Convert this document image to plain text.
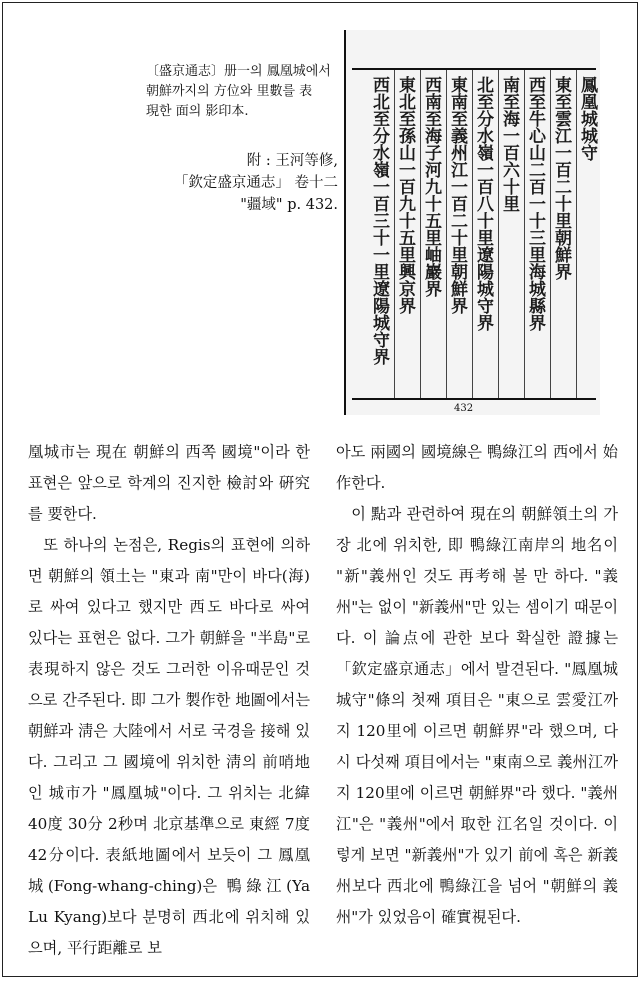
〔盛京通志〕册一의 鳳凰城에서

朝鮮까지의 方位와 里數를 表

現한 面의 影印本.

附 : 王河等修,
「欽定盛京通志」 卷十二
"疆域" p. 432.
鳳凰城城守
東至雲江一百二十里朝鮮界
西至牛心山二百一十三里海城縣界
南至海一百六十里
北至分水嶺一百八十里遼陽城守界
東南至義州江一百二十里朝鮮界
西南至海子河九十五里岫巖界
東北至孫山一百九十五里興京界
西北至分水嶺一百三十一里遼陽城守界
432

凰城市는 現在 朝鮮의 西쪽 國境"이라 한 표현은 앞으로 학계의 진지한 檢討와 硏究를 要한다.

또 하나의 논점은, Regis의 표현에 의하면 朝鮮의 領土는 "東과 南"만이 바다(海)로 싸여 있다고 했지만 西도 바다로 싸여 있다는 표현은 없다. 그가 朝鮮을 "半島"로 表現하지 않은 것도 그러한 이유때문인 것으로 간주된다. 即 그가 製作한 地圖에서는 朝鮮과 淸은 大陸에서 서로 국경을 接해 있다. 그리고 그 國境에 위치한 淸의 前哨地인 城市가 "鳳凰城"이다. 그 위치는 北緯 40度 30分 2秒며 北京基準으로 東經 7度 42分이다. 表紙地圖에서 보듯이 그 鳳凰城(Fong-whang-ching)은 鴨綠江(Ya Lu Kyang)보다 분명히 西北에 위치해 있으며, 平行距離로 보

아도 兩國의 國境線은 鴨綠江의 西에서 始作한다.

이 點과 관련하여 現在의 朝鮮領土의 가장 北에 위치한, 即 鴨綠江南岸의 地名이 "新"義州인 것도 再考해 볼 만 하다. "義州"는 없이 "新義州"만 있는 셈이기 때문이다. 이 論点에 관한 보다 확실한 證據는 「欽定盛京通志」에서 발견된다. "鳳凰城城守"條의 첫째 項目은 "東으로 雲愛江까지 120里에 이르면 朝鮮界"라 했으며, 다시 다섯째 項目에서는 "東南으로 義州江까지 120里에 이르면 朝鮮界"라 했다. "義州江"은 "義州"에서 取한 江名일 것이다. 이렇게 보면 "新義州"가 있기 前에 혹은 新義州보다 西北에 鴨綠江을 넘어 "朝鮮의 義州"가 있었음이 確實視된다.
